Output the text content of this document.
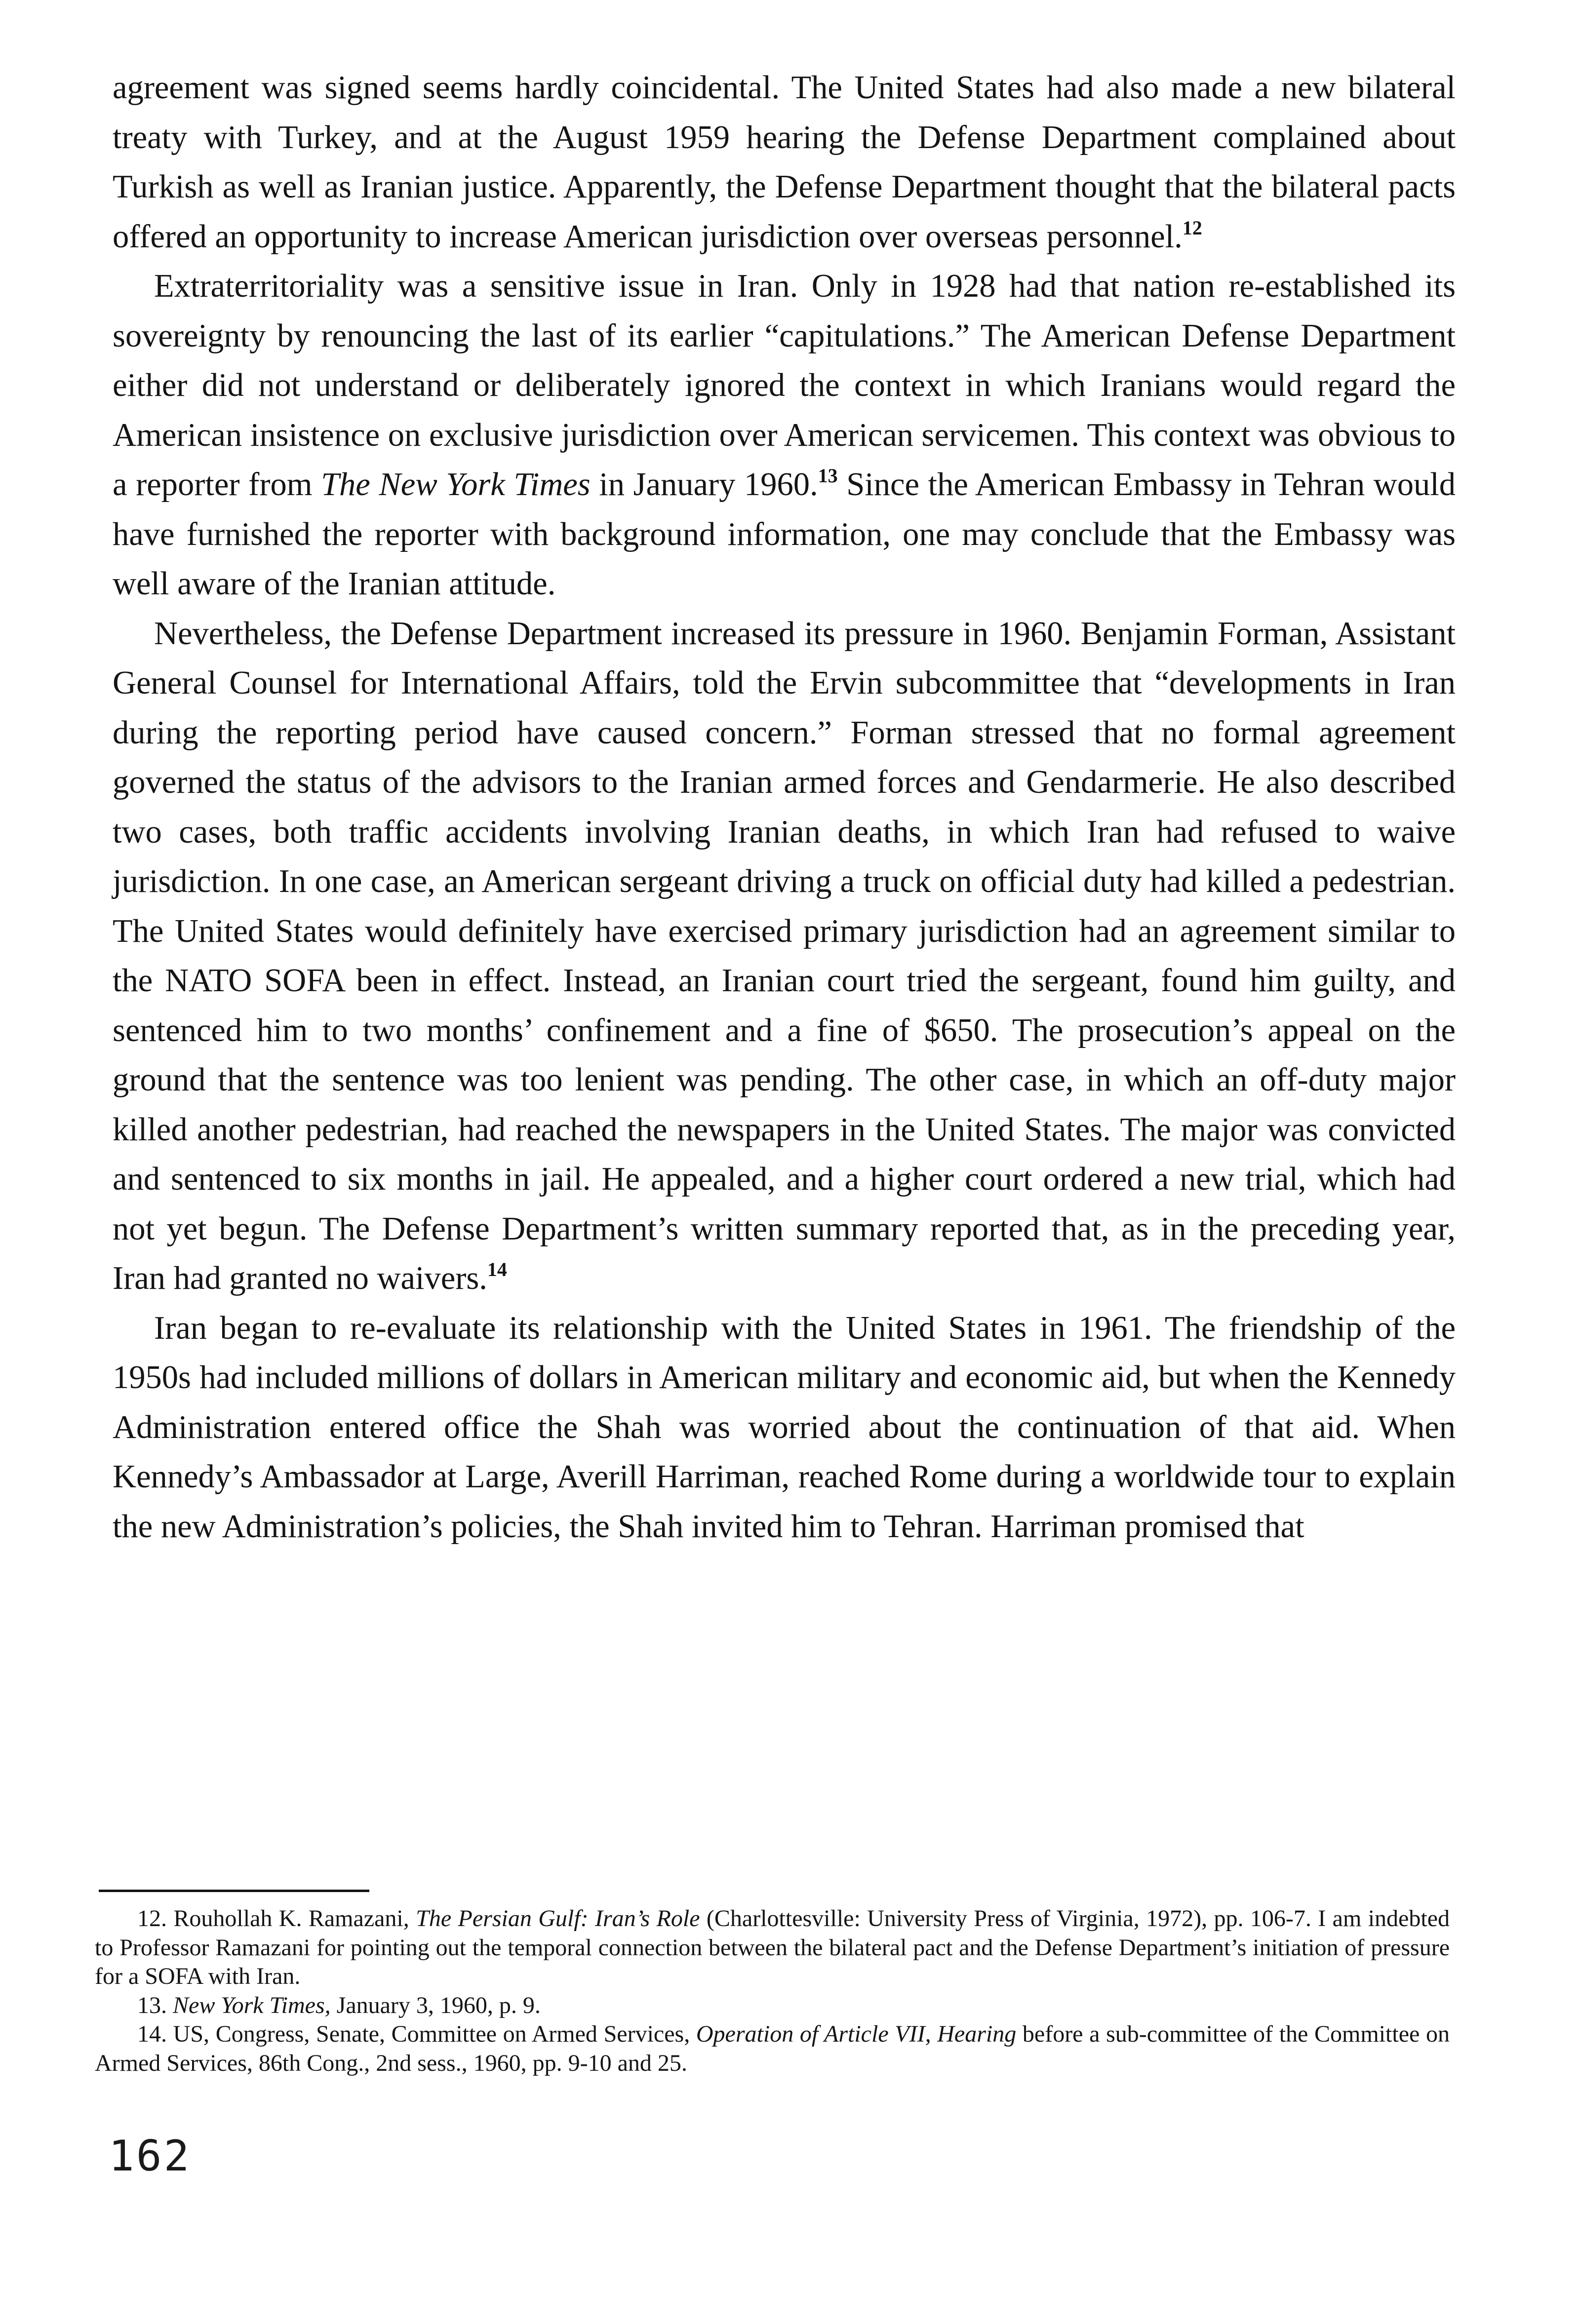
agreement was signed seems hardly coincidental. The United States had also made a new bilateral treaty with Turkey, and at the August 1959 hearing the Defense Department complained about Turkish as well as Iranian justice. Apparently, the Defense Department thought that the bilateral pacts offered an opportunity to increase American jurisdiction over overseas personnel.$^{12}$

Extraterritoriality was a sensitive issue in Iran. Only in 1928 had that nation re-established its sovereignty by renouncing the last of its earlier “capitulations.” The American Defense Department either did not understand or deliberately ignored the context in which Iranians would regard the American insistence on exclusive jurisdiction over American servicemen. This context was obvious to a reporter from The New York Times in January 1960.13 Since the American Embassy in Tehran would have furnished the reporter with background information, one may conclude that the Embassy was well aware of the Iranian attitude.

Nevertheless, the Defense Department increased its pressure in 1960. Benjamin Forman, Assistant General Counsel for International Affairs, told the Ervin subcommittee that “developments in Iran during the reporting period have caused concern.” Forman stressed that no formal agreement governed the status of the advisors to the Iranian armed forces and Gendarmerie. He also described two cases, both traffic accidents involving Iranian deaths, in which Iran had refused to waive jurisdiction. In one case, an American sergeant driving a truck on official duty had killed a pedestrian. The United States would definitely have exercised primary jurisdiction had an agreement similar to the NATO SOFA been in effect. Instead, an Iranian court tried the sergeant, found him guilty, and sentenced him to two months’ confinement and a fine of $650. The prosecution’s appeal on the ground that the sentence was too lenient was pending. The other case, in which an off-duty major killed another pedestrian, had reached the newspapers in the United States. The major was convicted and sentenced to six months in jail. He appealed, and a higher court ordered a new trial, which had not yet begun. The Defense Department’s written summary reported that, as in the preceding year, Iran had granted no waivers.$^{14}$

Iran began to re-evaluate its relationship with the United States in 1961. The friendship of the 1950s had included millions of dollars in American military and economic aid, but when the Kennedy Administration entered office the Shah was worried about the continuation of that aid. When Kennedy’s Ambassador at Large, Averill Harriman, reached Rome during a worldwide tour to explain the new Administration’s policies, the Shah invited him to Tehran. Harriman promised that

12. Rouhollah K. Ramazani, The Persian Gulf: Iran’s Role (Charlottesville: University Press of Virginia, 1972), pp. 106-7. I am indebted to Professor Ramazani for pointing out the temporal connection between the bilateral pact and the Defense Department’s initiation of pressure for a SOFA with Iran.

13. New York Times, January 3, 1960, p. 9.

14. US, Congress, Senate, Committee on Armed Services, Operation of Article VII, Hearing before a sub-committee of the Committee on Armed Services, 86th Cong., 2nd sess., 1960, pp. 9-10 and 25.

162
